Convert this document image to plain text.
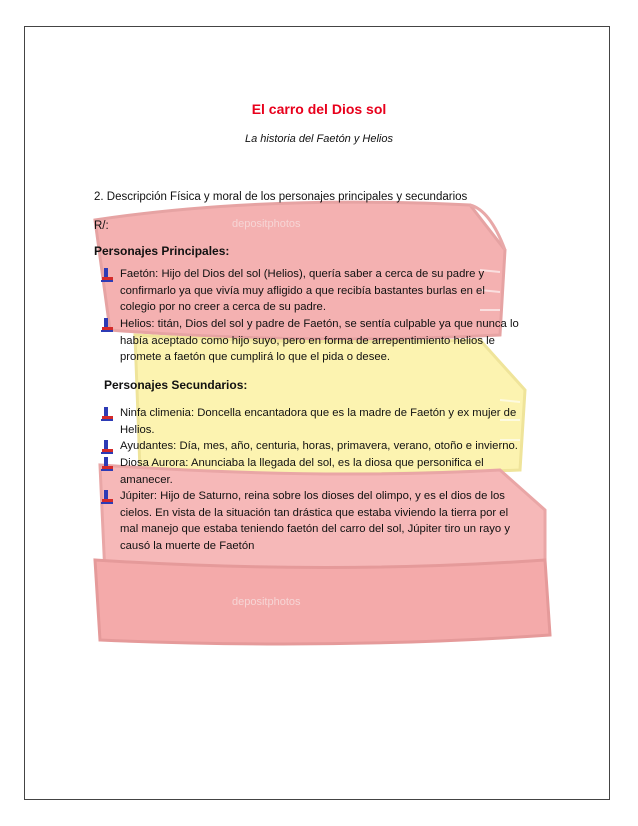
depositphotos
depositphotos
El carro del Dios sol
La historia del Faetón y Helios
2. Descripción Física y moral de los personajes principales y secundarios
R/:
Personajes Principales:
Faetón: Hijo del Dios del sol (Helios), quería saber a cerca de su padre y
confirmarlo ya que vivía muy afligido a que recibía bastantes burlas en el
colegio por no creer a cerca de su padre.
Helios: titán, Dios del sol y padre de Faetón, se sentía culpable ya que nunca lo
había aceptado como hijo suyo, pero en forma de arrepentimiento helios le
promete a faetón que cumplirá lo que el pida o desee.
Personajes Secundarios:
Ninfa climenia: Doncella encantadora que es la madre de Faetón y ex mujer de
Helios.
Ayudantes: Día, mes, año, centuria, horas, primavera, verano, otoño e invierno.
Diosa Aurora: Anunciaba la llegada del sol, es la diosa que personifica el
amanecer.
Júpiter: Hijo de Saturno, reina sobre los dioses del olimpo, y es el dios de los
cielos. En vista de la situación tan drástica que estaba viviendo la tierra por el
mal manejo que estaba teniendo faetón del carro del sol, Júpiter tiro un rayo y
causó la muerte de Faetón
